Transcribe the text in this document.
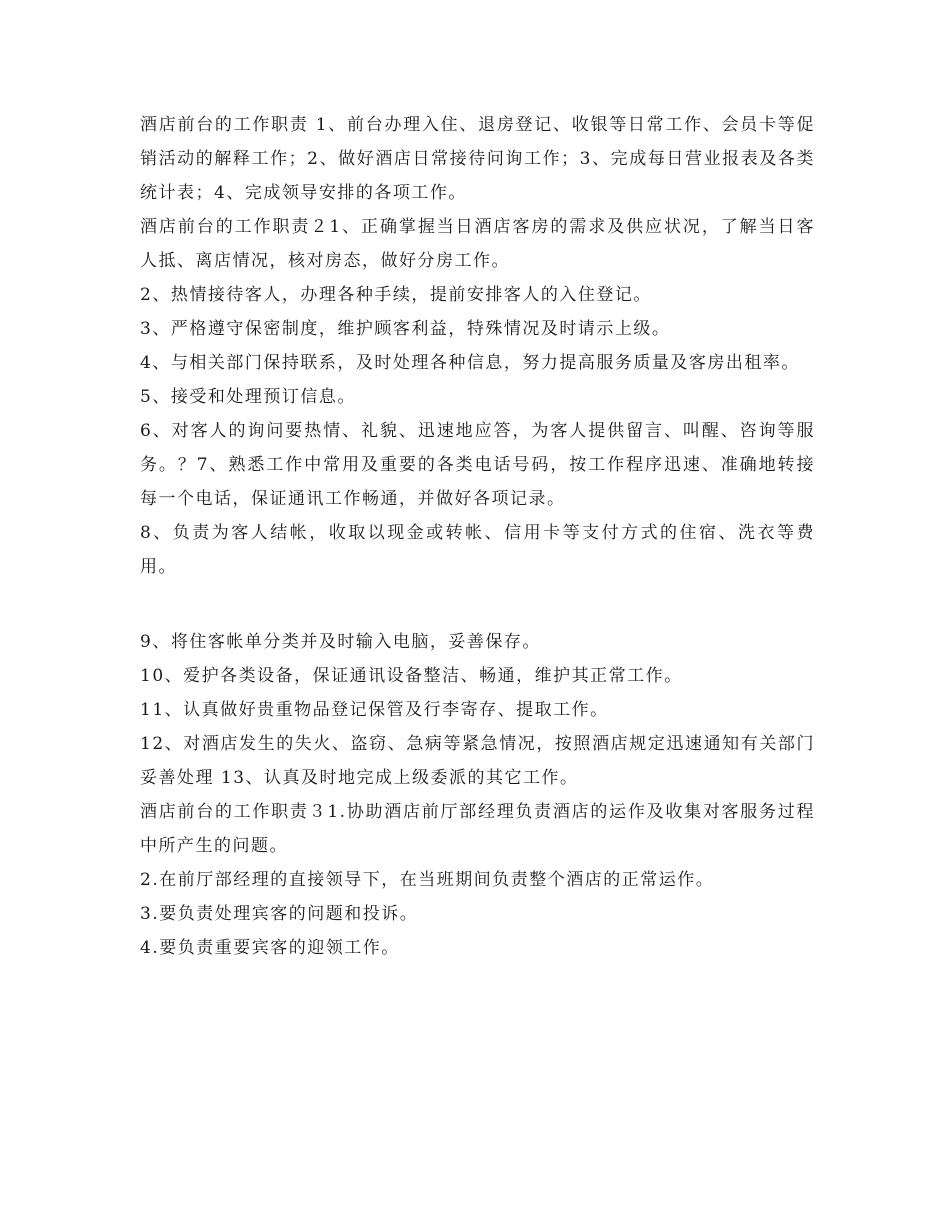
酒店前台的工作职责 1、前台办理入住、退房登记、收银等日常工作、会员卡等促销活动的解释工作；2、做好酒店日常接待问询工作；3、完成每日营业报表及各类统计表；4、完成领导安排的各项工作。

酒店前台的工作职责２1、正确掌握当日酒店客房的需求及供应状况，了解当日客人抵、离店情况，核对房态，做好分房工作。

2、热情接待客人，办理各种手续，提前安排客人的入住登记。

3、严格遵守保密制度，维护顾客利益，特殊情况及时请示上级。

4、与相关部门保持联系，及时处理各种信息，努力提高服务质量及客房出租率。

5、接受和处理预订信息。

6、对客人的询问要热情、礼貌、迅速地应答，为客人提供留言、叫醒、咨询等服务。？7、熟悉工作中常用及重要的各类电话号码，按工作程序迅速、准确地转接每一个电话，保证通讯工作畅通，并做好各项记录。

8、负责为客人结帐，收取以现金或转帐、信用卡等支付方式的住宿、洗衣等费用。

9、将住客帐单分类并及时输入电脑，妥善保存。

10、爱护各类设备，保证通讯设备整洁、畅通，维护其正常工作。

11、认真做好贵重物品登记保管及行李寄存、提取工作。

12、对酒店发生的失火、盗窃、急病等紧急情况，按照酒店规定迅速通知有关部门妥善处理 13、认真及时地完成上级委派的其它工作。

酒店前台的工作职责３1.协助酒店前厅部经理负责酒店的运作及收集对客服务过程中所产生的问题。

2.在前厅部经理的直接领导下，在当班期间负责整个酒店的正常运作。

3.要负责处理宾客的问题和投诉。

4.要负责重要宾客的迎领工作。
